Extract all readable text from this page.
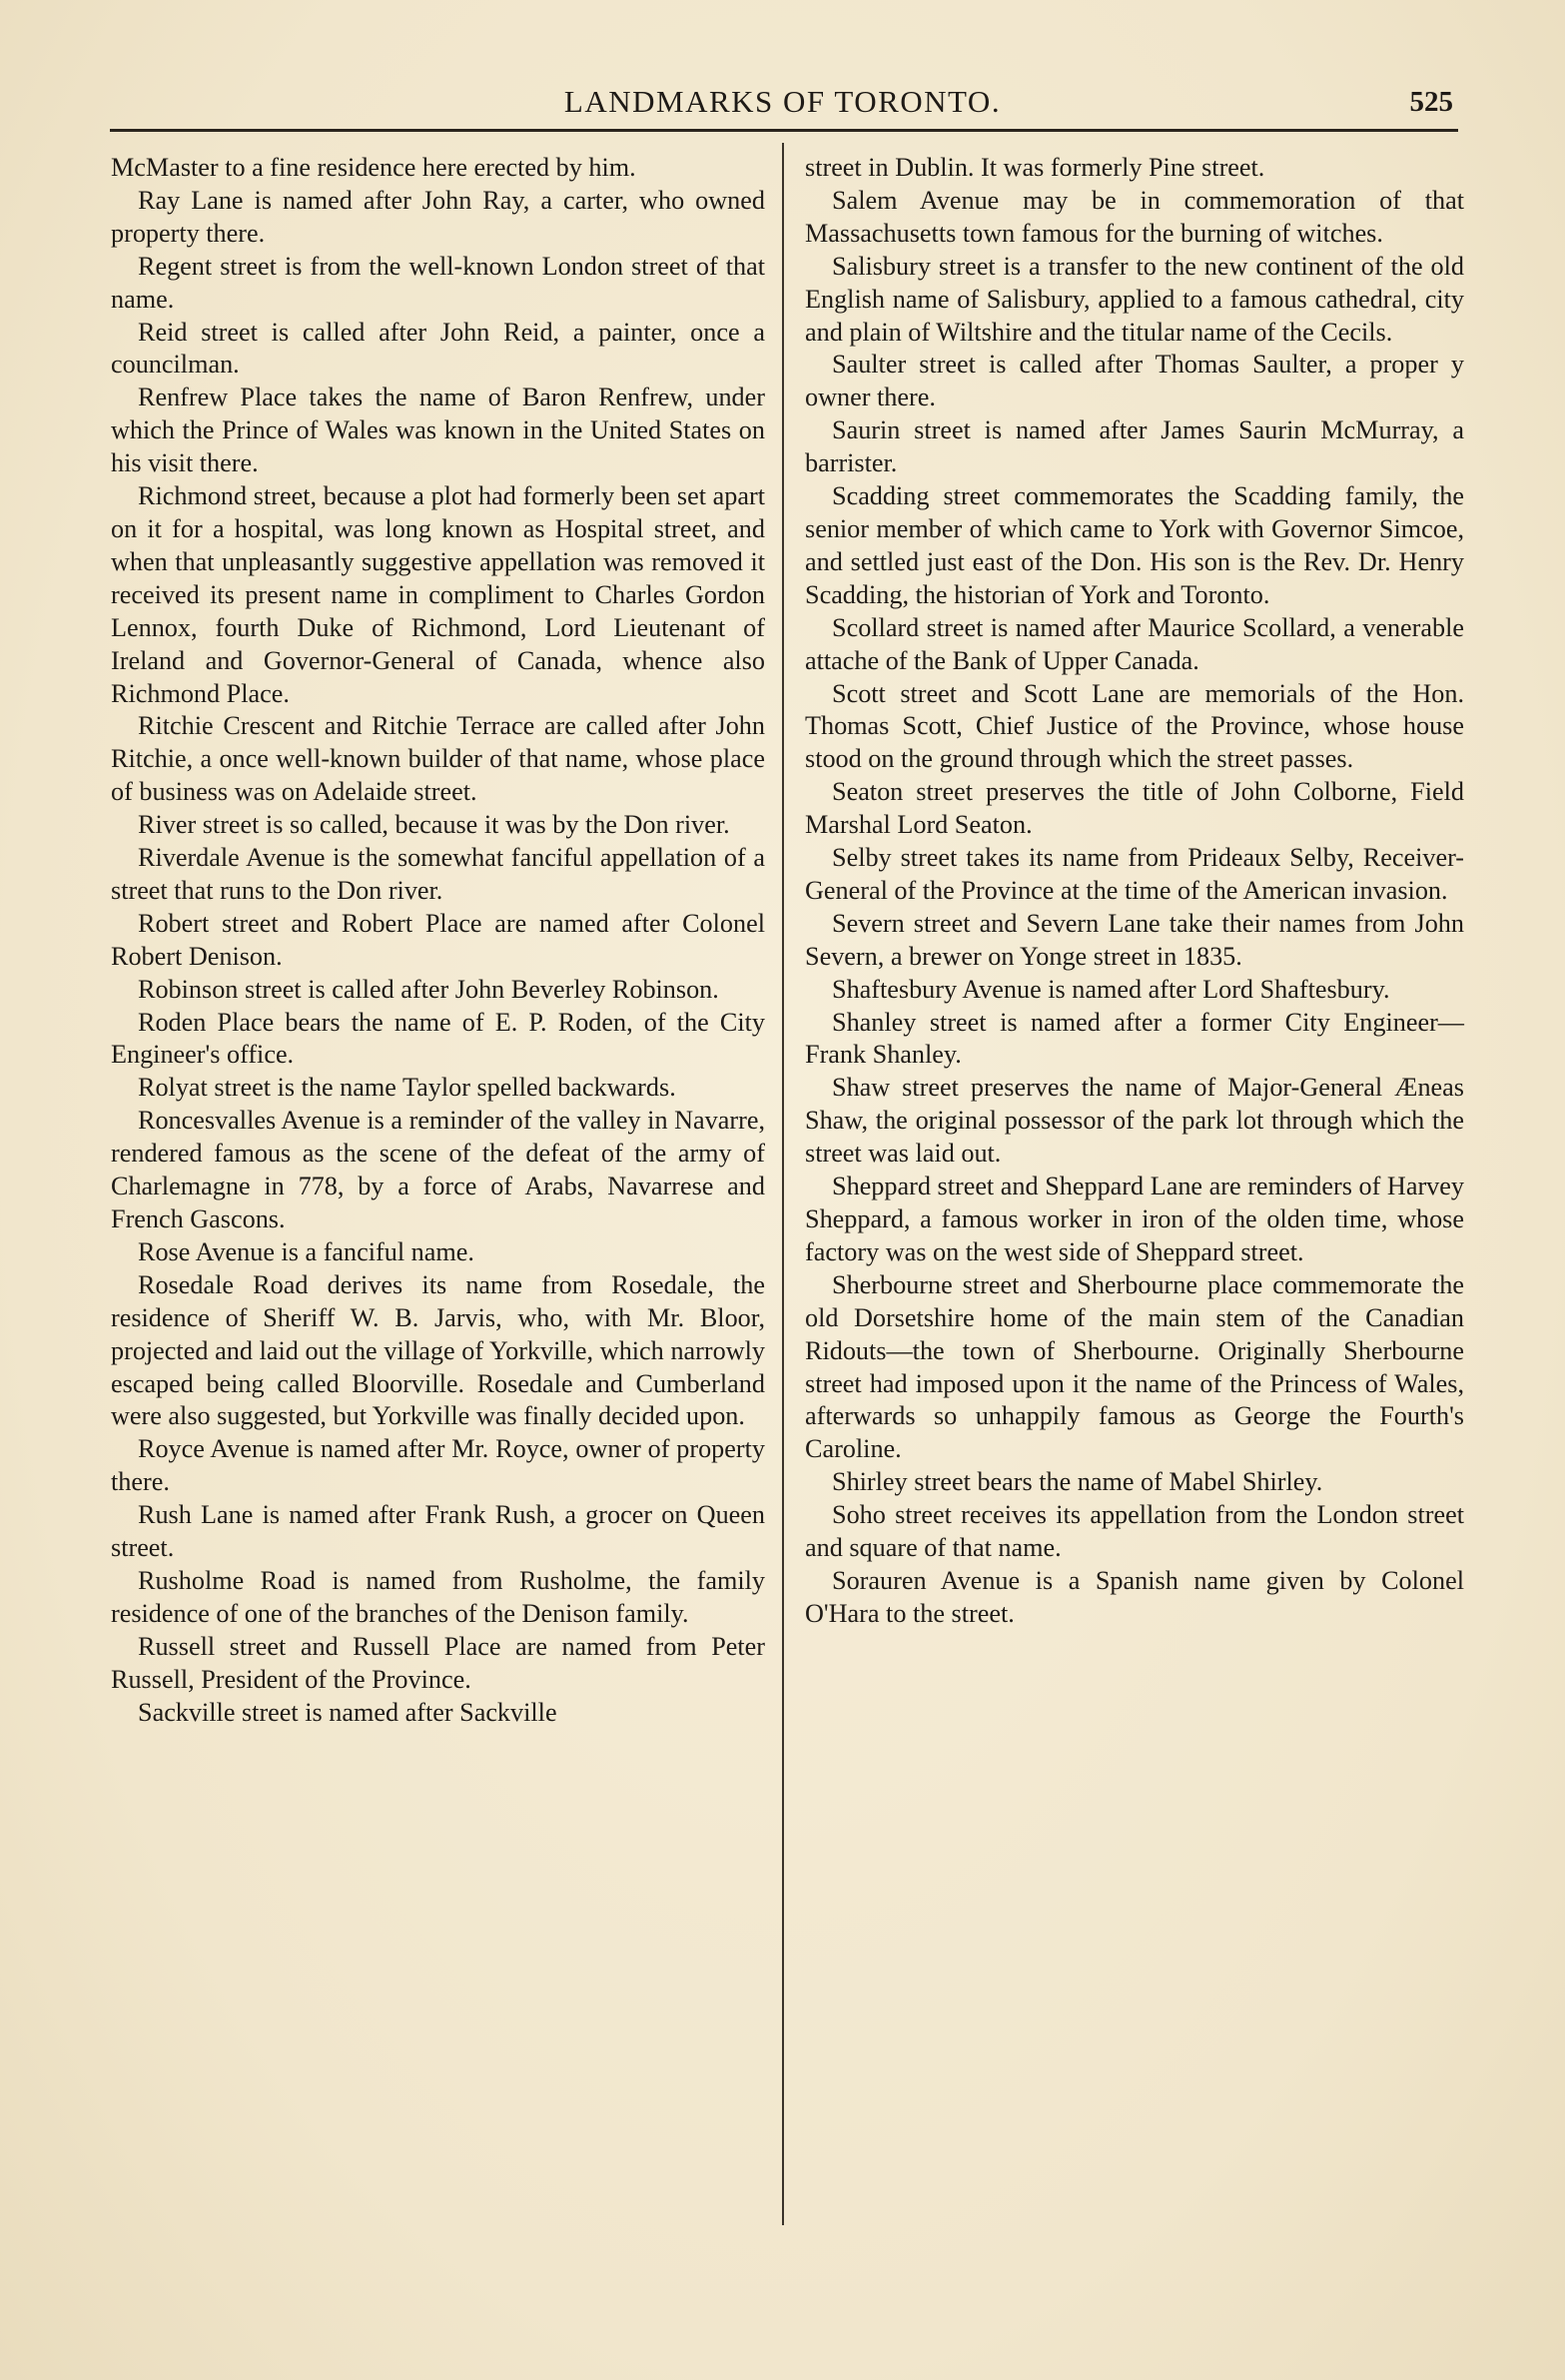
LANDMARKS OF TORONTO.	525

McMaster to a fine residence here erected by him.

Ray Lane is named after John Ray, a carter, who owned property there.

Regent street is from the well-known London street of that name.

Reid street is called after John Reid, a painter, once a councilman.

Renfrew Place takes the name of Baron Renfrew, under which the Prince of Wales was known in the United States on his visit there.

Richmond street, because a plot had formerly been set apart on it for a hospital, was long known as Hospital street, and when that unpleasantly suggestive appellation was removed it received its present name in compliment to Charles Gordon Lennox, fourth Duke of Richmond, Lord Lieutenant of Ireland and Governor-General of Canada, whence also Richmond Place.

Ritchie Crescent and Ritchie Terrace are called after John Ritchie, a once well-known builder of that name, whose place of business was on Adelaide street.

River street is so called, because it was by the Don river.

Riverdale Avenue is the somewhat fanciful appellation of a street that runs to the Don river.

Robert street and Robert Place are named after Colonel Robert Denison.

Robinson street is called after John Beverley Robinson.

Roden Place bears the name of E. P. Roden, of the City Engineer's office.

Rolyat street is the name Taylor spelled backwards.

Roncesvalles Avenue is a reminder of the valley in Navarre, rendered famous as the scene of the defeat of the army of Charlemagne in 778, by a force of Arabs, Navarrese and French Gascons.

Rose Avenue is a fanciful name.

Rosedale Road derives its name from Rosedale, the residence of Sheriff W. B. Jarvis, who, with Mr. Bloor, projected and laid out the village of Yorkville, which narrowly escaped being called Bloorville. Rosedale and Cumberland were also suggested, but Yorkville was finally decided upon.

Royce Avenue is named after Mr. Royce, owner of property there.

Rush Lane is named after Frank Rush, a grocer on Queen street.

Rusholme Road is named from Rusholme, the family residence of one of the branches of the Denison family.

Russell street and Russell Place are named from Peter Russell, President of the Province.

Sackville street is named after Sackville

street in Dublin. It was formerly Pine street.

Salem Avenue may be in commemoration of that Massachusetts town famous for the burning of witches.

Salisbury street is a transfer to the new continent of the old English name of Salisbury, applied to a famous cathedral, city and plain of Wiltshire and the titular name of the Cecils.

Saulter street is called after Thomas Saulter, a proper y owner there.

Saurin street is named after James Saurin McMurray, a barrister.

Scadding street commemorates the Scadding family, the senior member of which came to York with Governor Simcoe, and settled just east of the Don. His son is the Rev. Dr. Henry Scadding, the historian of York and Toronto.

Scollard street is named after Maurice Scollard, a venerable attache of the Bank of Upper Canada.

Scott street and Scott Lane are memorials of the Hon. Thomas Scott, Chief Justice of the Province, whose house stood on the ground through which the street passes.

Seaton street preserves the title of John Colborne, Field Marshal Lord Seaton.

Selby street takes its name from Prideaux Selby, Receiver-General of the Province at the time of the American invasion.

Severn street and Severn Lane take their names from John Severn, a brewer on Yonge street in 1835.

Shaftesbury Avenue is named after Lord Shaftesbury.

Shanley street is named after a former City Engineer—Frank Shanley.

Shaw street preserves the name of Major-General Æneas Shaw, the original possessor of the park lot through which the street was laid out.

Sheppard street and Sheppard Lane are reminders of Harvey Sheppard, a famous worker in iron of the olden time, whose factory was on the west side of Sheppard street.

Sherbourne street and Sherbourne place commemorate the old Dorsetshire home of the main stem of the Canadian Ridouts—the town of Sherbourne. Originally Sherbourne street had imposed upon it the name of the Princess of Wales, afterwards so unhappily famous as George the Fourth's Caroline.

Shirley street bears the name of Mabel Shirley.

Soho street receives its appellation from the London street and square of that name.

Sorauren Avenue is a Spanish name given by Colonel O'Hara to the street.
